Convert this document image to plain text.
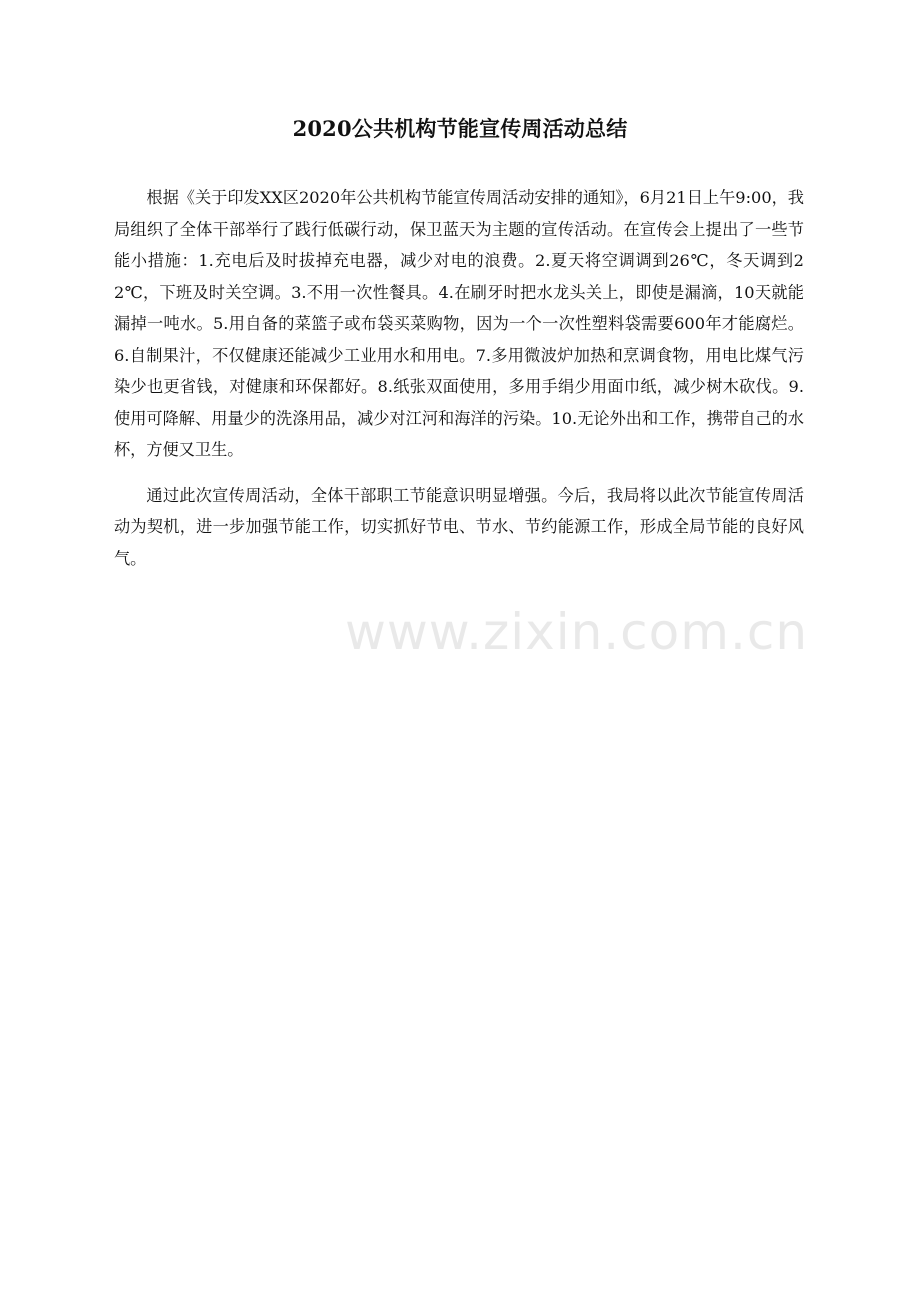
2020公共机构节能宣传周活动总结

根据《关于印发XX区2020年公共机构节能宣传周活动安排的通知》，6月21日上午9:00，我局组织了全体干部举行了践行低碳行动，保卫蓝天为主题的宣传活动。在宣传会上提出了一些节能小措施：1.充电后及时拔掉充电器，减少对电的浪费。2.夏天将空调调到26℃，冬天调到22℃，下班及时关空调。3.不用一次性餐具。4.在刷牙时把水龙头关上，即使是漏滴，10天就能漏掉一吨水。5.用自备的菜篮子或布袋买菜购物，因为一个一次性塑料袋需要600年才能腐烂。6.自制果汁，不仅健康还能减少工业用水和用电。7.多用微波炉加热和烹调食物，用电比煤气污染少也更省钱，对健康和环保都好。8.纸张双面使用，多用手绢少用面巾纸，减少树木砍伐。9.使用可降解、用量少的洗涤用品，减少对江河和海洋的污染。10.无论外出和工作，携带自己的水杯，方便又卫生。

通过此次宣传周活动，全体干部职工节能意识明显增强。今后，我局将以此次节能宣传周活动为契机，进一步加强节能工作，切实抓好节电、节水、节约能源工作，形成全局节能的良好风气。

www.zixin.com.cn
